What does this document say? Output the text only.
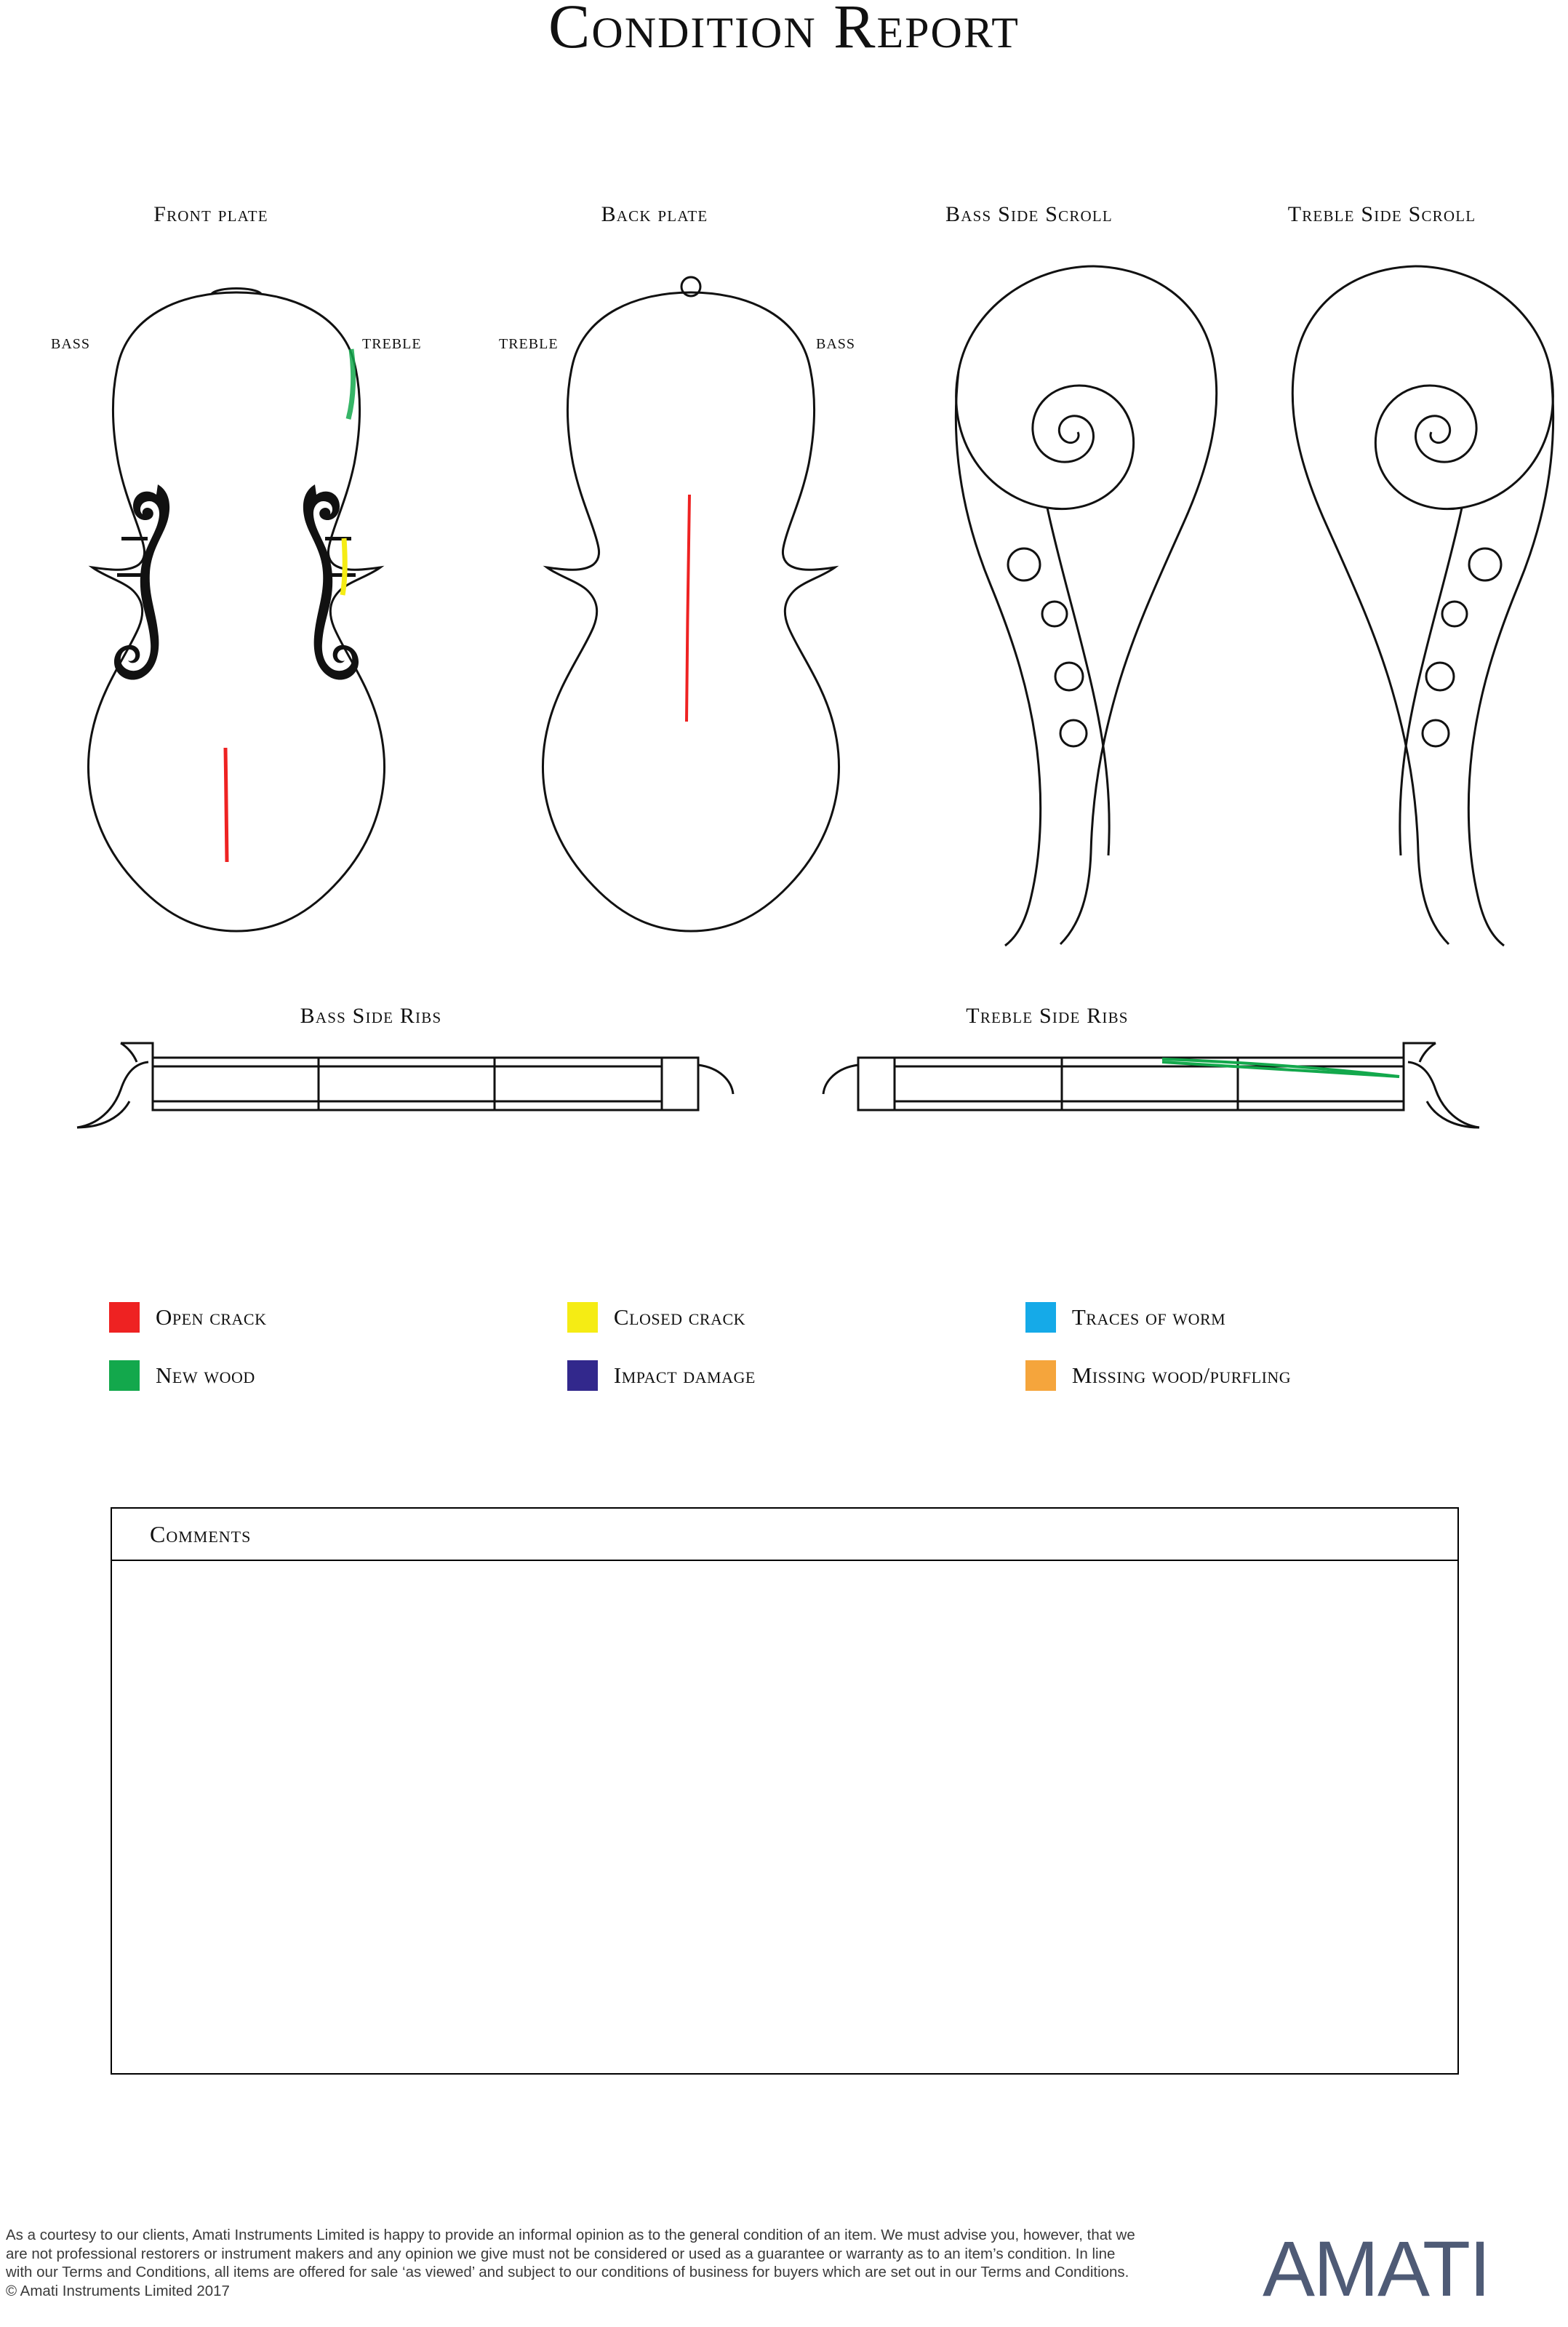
Condition Report
Front plate	Back plate	Bass Side Scroll	Treble Side Scroll
Bass Side Ribs	Treble Side Ribs
BASS	TREBLE	TREBLE	BASS
Open crack	Closed crack	Traces of worm
New wood	Impact damage	Missing wood/purfling
Comments
As a courtesy to our clients, Amati Instruments Limited is happy to provide an informal opinion as to the general condition of an item. We must advise you, however, that we are not professional restorers or instrument makers and any opinion we give must not be considered or used as a guarantee or warranty as to an item’s condition. In line with our Terms and Conditions, all items are offered for sale ‘as viewed’ and subject to our conditions of business for buyers which are set out in our Terms and Conditions. © Amati Instruments Limited 2017	AMATI
